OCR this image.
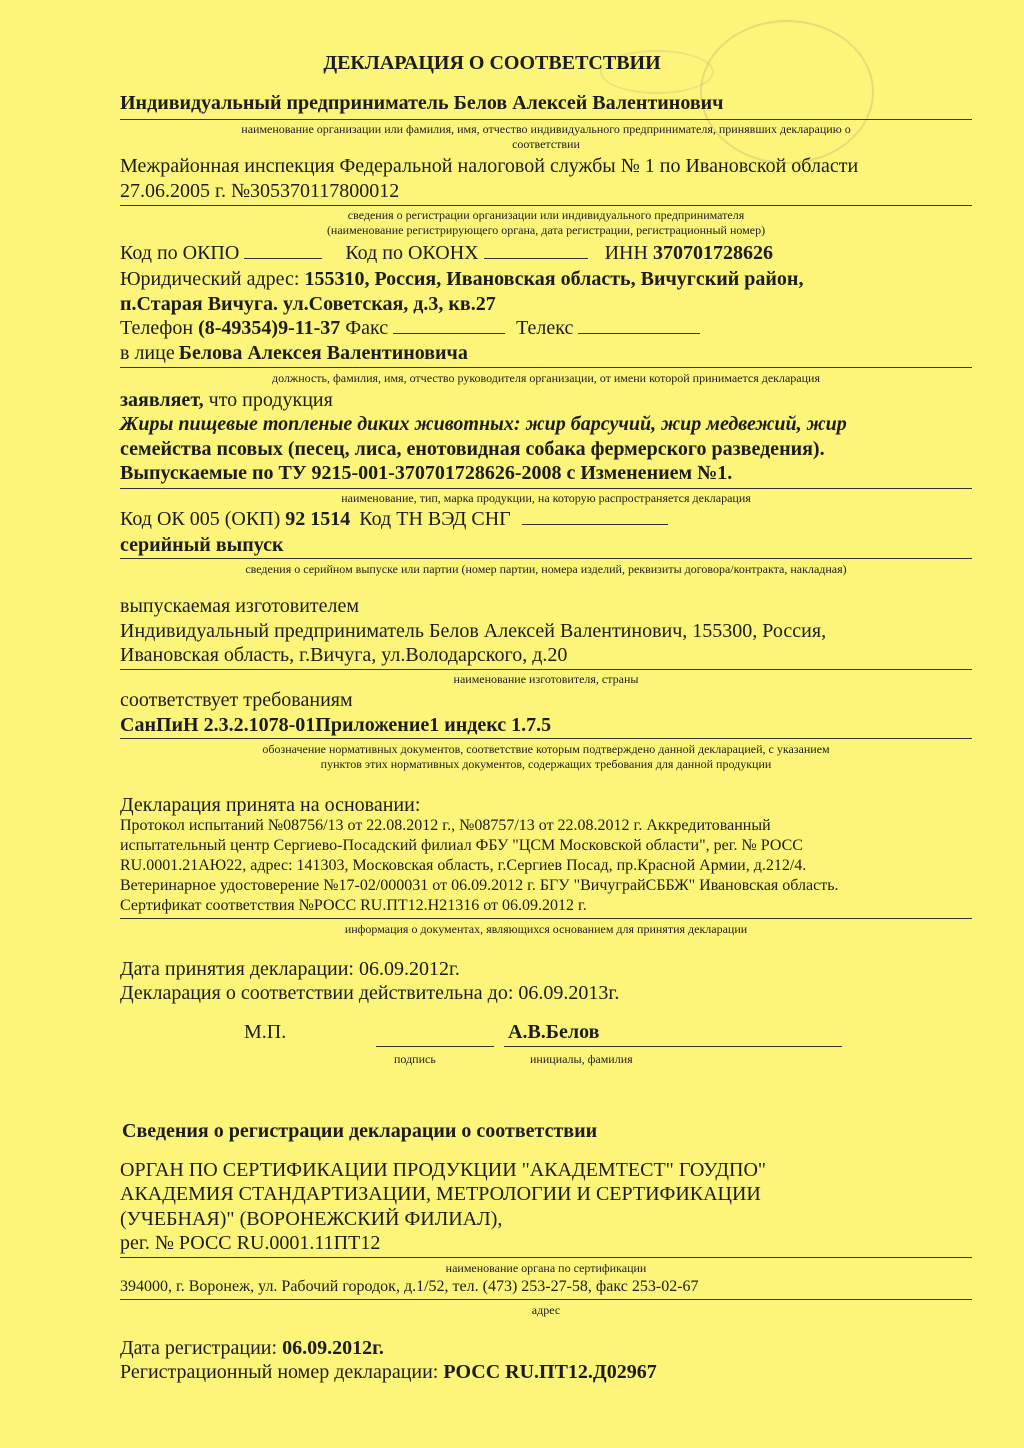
ДЕКЛАРАЦИЯ О СООТВЕТСТВИИ
Индивидуальный предприниматель Белов Алексей Валентинович
наименование организации или фамилия, имя, отчество индивидуального предпринимателя, принявших декларацию о
соответствии
Межрайонная инспекция Федеральной налоговой службы № 1 по Ивановской области
27.06.2005 г. №305370117800012
сведения о регистрации организации или индивидуального предпринимателя
(наименование регистрирующего органа, дата регистрации, регистрационный номер)
Код по ОКПО	Код по ОКОНХ	ИНН 370701728626
Юридический адрес: 155310, Россия, Ивановская область, Вичугский район,
п.Старая Вичуга. ул.Советская, д.3, кв.27
Телефон (8-49354)9-11-37 Факс	Телекс
в лице Белова Алексея Валентиновича
должность, фамилия, имя, отчество руководителя организации, от имени которой принимается декларация
заявляет, что продукция
Жиры пищевые топленые диких животных: жир барсучий, жир медвежий, жир
семейства псовых (песец, лиса, енотовидная собака фермерского разведения).
Выпускаемые по ТУ 9215-001-370701728626-2008 с Изменением №1.
наименование, тип, марка продукции, на которую распространяется декларация
Код ОК 005 (ОКП) 92 1514 Код ТН ВЭД СНГ
серийный выпуск
сведения о серийном выпуске или партии (номер партии, номера изделий, реквизиты договора/контракта, накладная)
выпускаемая изготовителем
Индивидуальный предприниматель Белов Алексей Валентинович, 155300, Россия,
Ивановская область, г.Вичуга, ул.Володарского, д.20
наименование изготовителя, страны
соответствует требованиям
СанПиН 2.3.2.1078-01Приложение1 индекс 1.7.5
обозначение нормативных документов, соответствие которым подтверждено данной декларацией, с указанием
пунктов этих нормативных документов, содержащих требования для данной продукции
Декларация принята на основании:
Протокол испытаний №08756/13 от 22.08.2012 г., №08757/13 от 22.08.2012 г. Аккредитованный
испытательный центр Сергиево-Посадский филиал ФБУ "ЦСМ Московской области", рег. № РОСС
RU.0001.21АЮ22, адрес: 141303, Московская область, г.Сергиев Посад, пр.Красной Армии, д.212/4.
Ветеринарное удостоверение №17-02/000031 от 06.09.2012 г. БГУ "ВичугрaйСББЖ" Ивановская область.
Сертификат соответствия №РОСС RU.ПТ12.Н21316 от 06.09.2012 г.
информация о документах, являющихся основанием для принятия декларации
Дата принятия декларации: 06.09.2012г.
Декларация о соответствии действительна до: 06.09.2013г.
М.П.	А.В.Белов
подпись	инициалы, фамилия
Сведения о регистрации декларации о соответствии
ОРГАН ПО СЕРТИФИКАЦИИ ПРОДУКЦИИ "АКАДЕМТЕСТ" ГОУДПО"
АКАДЕМИЯ СТАНДАРТИЗАЦИИ, МЕТРОЛОГИИ И СЕРТИФИКАЦИИ
(УЧЕБНАЯ)" (ВОРОНЕЖСКИЙ ФИЛИАЛ),
рег. № РОСС RU.0001.11ПТ12
наименование органа по сертификации
394000, г. Воронеж, ул. Рабочий городок, д.1/52, тел. (473) 253-27-58, факс 253-02-67
адрес
Дата регистрации: 06.09.2012г.
Регистрационный номер декларации: РОСС RU.ПТ12.Д02967
